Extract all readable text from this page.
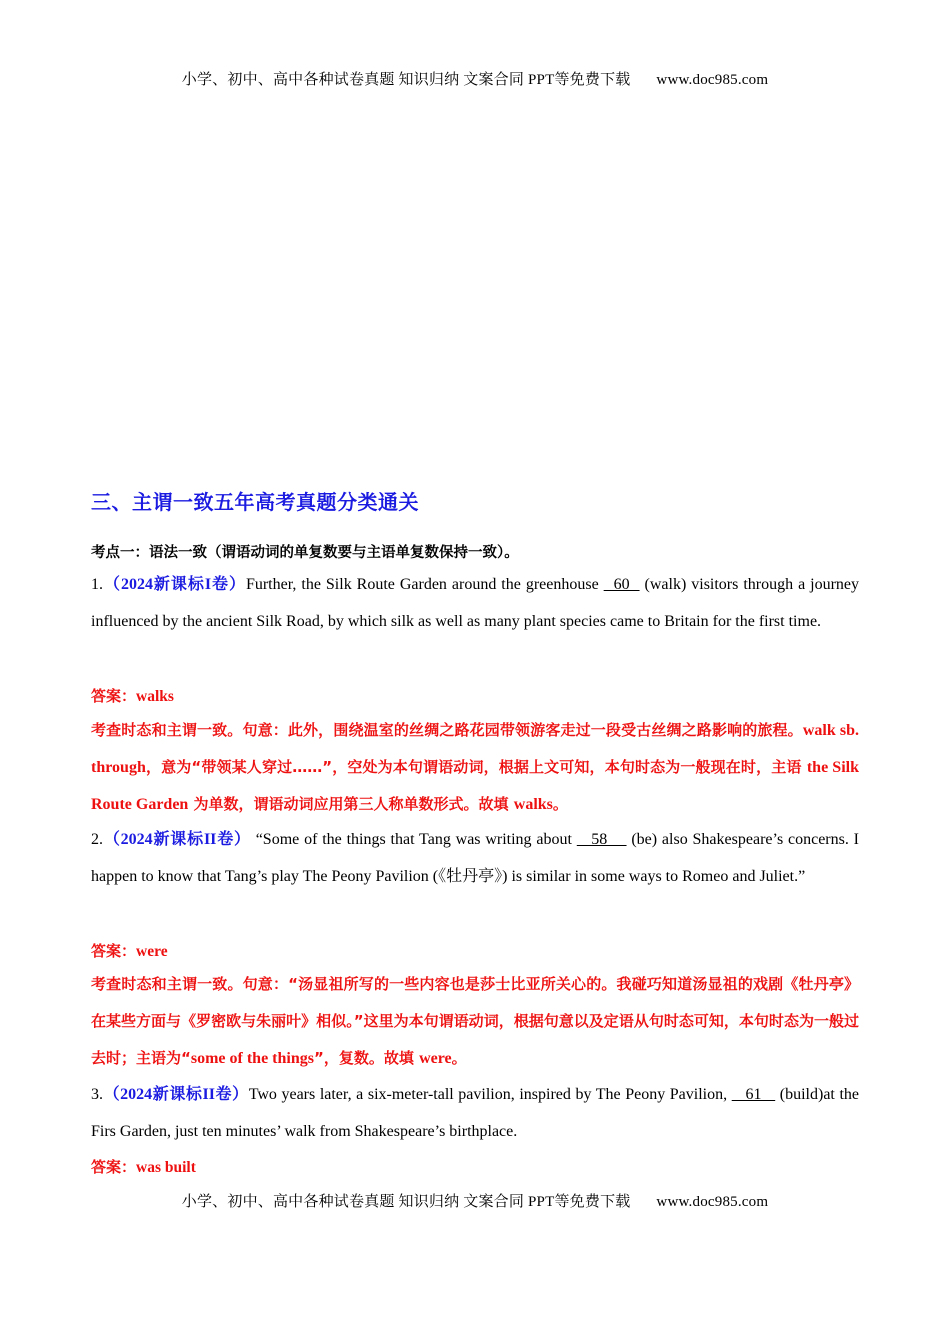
小学、初中、高中各种试卷真题 知识归纳 文案合同 PPT等免费下载 www.doc985.com
三、主谓一致五年高考真题分类通关
考点一：语法一致（谓语动词的单复数要与主语单复数保持一致）。
1.（2024新课标I卷）Further, the Silk Route Garden around the greenhouse   60   (walk) visitors through a journey influenced by the ancient Silk Road, by which silk as well as many plant species came to Britain for the first time.
答案：walks
考查时态和主谓一致。句意：此外，围绕温室的丝绸之路花园带领游客走过一段受古丝绸之路影响的旅程。walk sb. through，意为“带领某人穿过……”，空处为本句谓语动词，根据上文可知，本句时态为一般现在时，主语 the Silk Route Garden 为单数，谓语动词应用第三人称单数形式。故填 walks。
2.（2024新课标II卷） “Some of the things that Tang was writing about    58     (be) also Shakespeare’s concerns. I happen to know that Tang’s play The Peony Pavilion (《牡丹亭》) is similar in some ways to Romeo and Juliet.”
答案：were
考查时态和主谓一致。句意：“汤显祖所写的一些内容也是莎士比亚所关心的。我碰巧知道汤显祖的戏剧《牡丹亭》在某些方面与《罗密欧与朱丽叶》相似。”这里为本句谓语动词，根据句意以及定语从句时态可知，本句时态为一般过去时；主语为“some of the things”，复数。故填 were。
3.（2024新课标II卷）Two years later, a six-meter-tall pavilion, inspired by The Peony Pavilion,    61    (build)at the Firs Garden, just ten minutes’ walk from Shakespeare’s birthplace.
答案：was built
小学、初中、高中各种试卷真题 知识归纳 文案合同 PPT等免费下载 www.doc985.com
